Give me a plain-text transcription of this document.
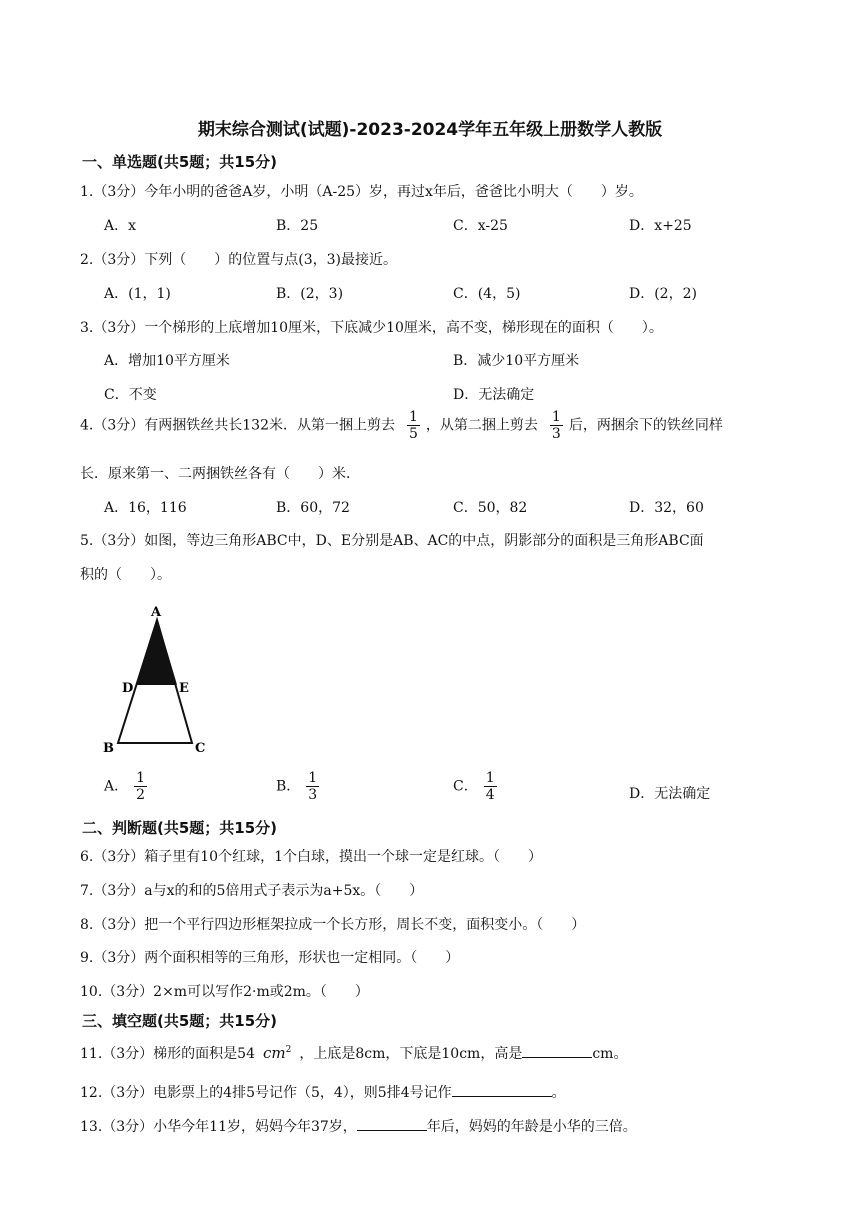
期末综合测试(试题)-2023-2024学年五年级上册数学人教版
一、单选题(共5题；共15分)
1.（3分）今年小明的爸爸A岁，小明（A-25）岁，再过x年后，爸爸比小明大（　　）岁。
A．x	B．25	C．x-25	D．x+25
2.（3分）下列（　　）的位置与点(3，3)最接近。
A．(1，1)	B．(2，3)	C．(4，5)	D．(2，2)
3.（3分）一个梯形的上底增加10厘米，下底减少10厘米，高不变，梯形现在的面积（　　）。
A．增加10平方厘米	B．减少10平方厘米
C．不变	D．无法确定
4.（3分）有两捆铁丝共长132米．从第一捆上剪去 $\frac{1}{5}$ ，从第二捆上剪去 $\frac{1}{3}$ 后，两捆余下的铁丝同样
长．原来第一、二两捆铁丝各有（　　）米．
A．16，116	B．60，72	C．50，82	D．32，60
5.（3分）如图，等边三角形ABC中，D、E分别是AB、AC的中点，阴影部分的面积是三角形ABC面
积的（　　）。
A
D	E
B	C
A． $\frac{1}{2}$	B． $\frac{1}{3}$	C． $\frac{1}{4}$	D．无法确定
二、判断题(共5题；共15分)
6.（3分）箱子里有10个红球，1个白球，摸出一个球一定是红球。（　　）
7.（3分）a与x的和的5倍用式子表示为a+5x。（　　）
8.（3分）把一个平行四边形框架拉成一个长方形，周长不变，面积变小。（　　）
9.（3分）两个面积相等的三角形，形状也一定相同。（　　）
10.（3分）2×m可以写作2·m或2m。（　　）
三、填空题(共5题；共15分)
11.（3分）梯形的面积是54 $cm^2$ ，上底是8cm，下底是10cm，高是	cm。
12.（3分）电影票上的4排5号记作（5，4），则5排4号记作	。
13.（3分）小华今年11岁，妈妈今年37岁，	年后，妈妈的年龄是小华的三倍。
